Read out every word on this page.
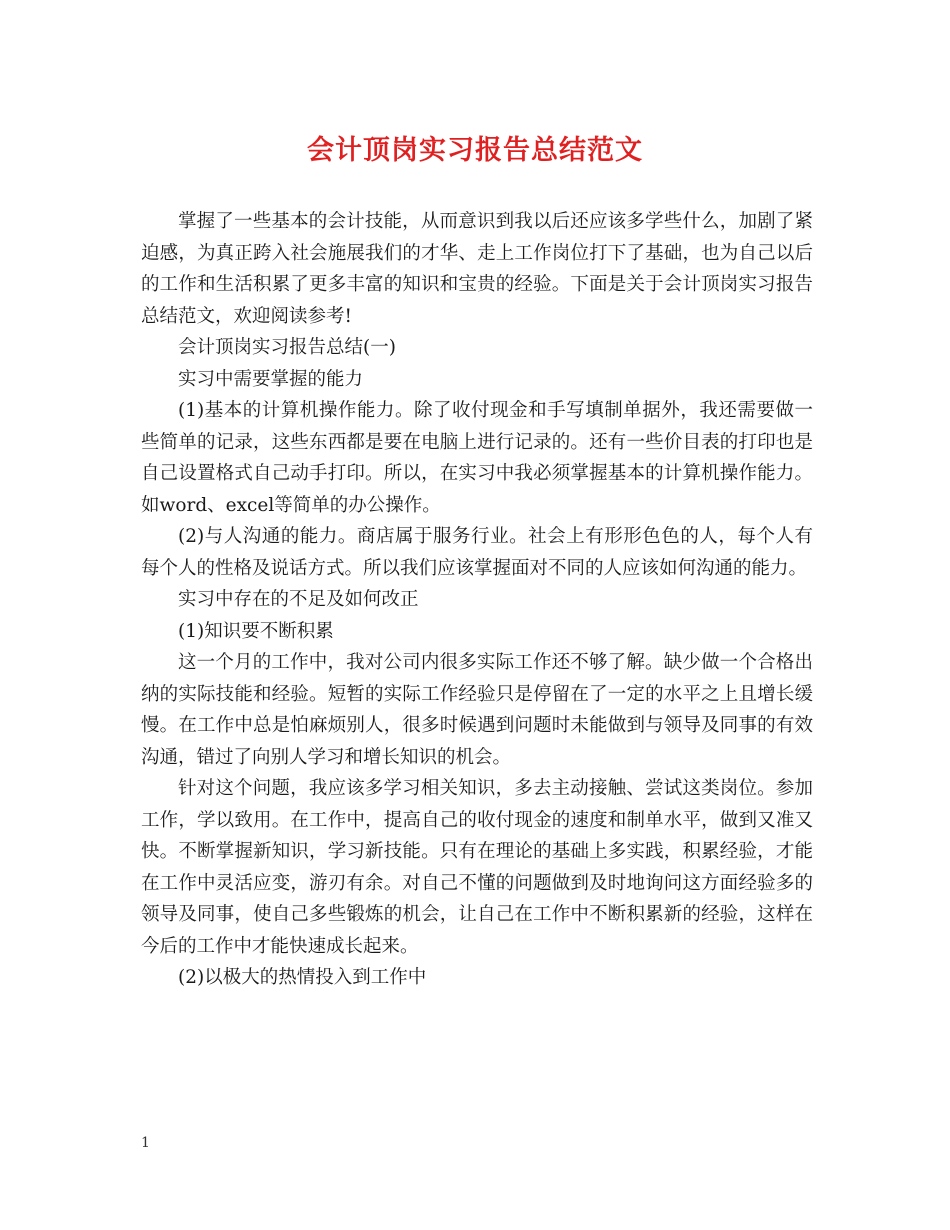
会计顶岗实习报告总结范文

掌握了一些基本的会计技能，从而意识到我以后还应该多学些什么，加剧了紧迫感，为真正跨入社会施展我们的才华、走上工作岗位打下了基础，也为自己以后的工作和生活积累了更多丰富的知识和宝贵的经验。下面是关于会计顶岗实习报告总结范文，欢迎阅读参考!

会计顶岗实习报告总结(一)

实习中需要掌握的能力

(1)基本的计算机操作能力。除了收付现金和手写填制单据外，我还需要做一些简单的记录，这些东西都是要在电脑上进行记录的。还有一些价目表的打印也是自己设置格式自己动手打印。所以，在实习中我必须掌握基本的计算机操作能力。如word、excel等简单的办公操作。

(2)与人沟通的能力。商店属于服务行业。社会上有形形色色的人，每个人有每个人的性格及说话方式。所以我们应该掌握面对不同的人应该如何沟通的能力。

实习中存在的不足及如何改正

(1)知识要不断积累

这一个月的工作中，我对公司内很多实际工作还不够了解。缺少做一个合格出纳的实际技能和经验。短暂的实际工作经验只是停留在了一定的水平之上且增长缓慢。在工作中总是怕麻烦别人，很多时候遇到问题时未能做到与领导及同事的有效沟通，错过了向别人学习和增长知识的机会。

针对这个问题，我应该多学习相关知识，多去主动接触、尝试这类岗位。参加工作，学以致用。在工作中，提高自己的收付现金的速度和制单水平，做到又准又快。不断掌握新知识，学习新技能。只有在理论的基础上多实践，积累经验，才能在工作中灵活应变，游刃有余。对自己不懂的问题做到及时地询问这方面经验多的领导及同事，使自己多些锻炼的机会，让自己在工作中不断积累新的经验，这样在今后的工作中才能快速成长起来。

(2)以极大的热情投入到工作中

1
